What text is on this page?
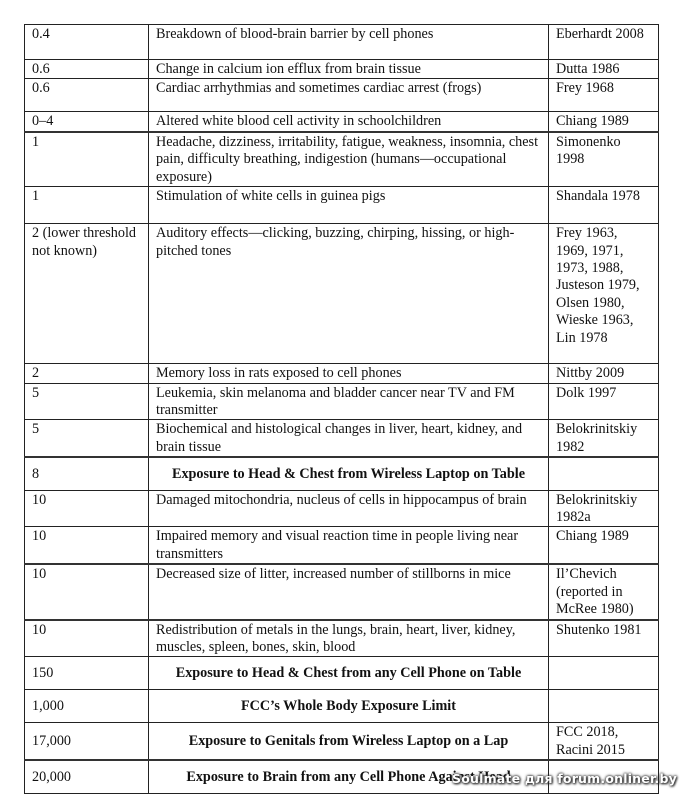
0.4	Breakdown of blood-brain barrier by cell phones	Eberhardt 2008
0.6	Change in calcium ion efflux from brain tissue	Dutta 1986
0.6	Cardiac arrhythmias and sometimes cardiac arrest (frogs)	Frey 1968
0–4	Altered white blood cell activity in schoolchildren	Chiang 1989
1	Headache, dizziness, irritability, fatigue, weakness, insomnia, chest pain, difficulty breathing, indigestion (humans—occupational exposure)	Simonenko 1998
1	Stimulation of white cells in guinea pigs	Shandala 1978
2 (lower threshold not known)	Auditory effects—clicking, buzzing, chirping, hissing, or high-pitched tones	Frey 1963, 1969, 1971, 1973, 1988, Justeson 1979, Olsen 1980, Wieske 1963, Lin 1978
2	Memory loss in rats exposed to cell phones	Nittby 2009
5	Leukemia, skin melanoma and bladder cancer near TV and FM transmitter	Dolk 1997
5	Biochemical and histological changes in liver, heart, kidney, and brain tissue	Belokrinitskiy 1982
8	Exposure to Head & Chest from Wireless Laptop on Table	
10	Damaged mitochondria, nucleus of cells in hippocampus of brain	Belokrinitskiy 1982a
10	Impaired memory and visual reaction time in people living near transmitters	Chiang 1989
10	Decreased size of litter, increased number of stillborns in mice	Il’Chevich (reported in McRee 1980)
10	Redistribution of metals in the lungs, brain, heart, liver, kidney, muscles, spleen, bones, skin, blood	Shutenko 1981
150	Exposure to Head & Chest from any Cell Phone on Table	
1,000	FCC’s Whole Body Exposure Limit	
17,000	Exposure to Genitals from Wireless Laptop on a Lap	FCC 2018, Racini 2015
20,000	Exposure to Brain from any Cell Phone Against Head	
Soulmate для forum.onliner.by
